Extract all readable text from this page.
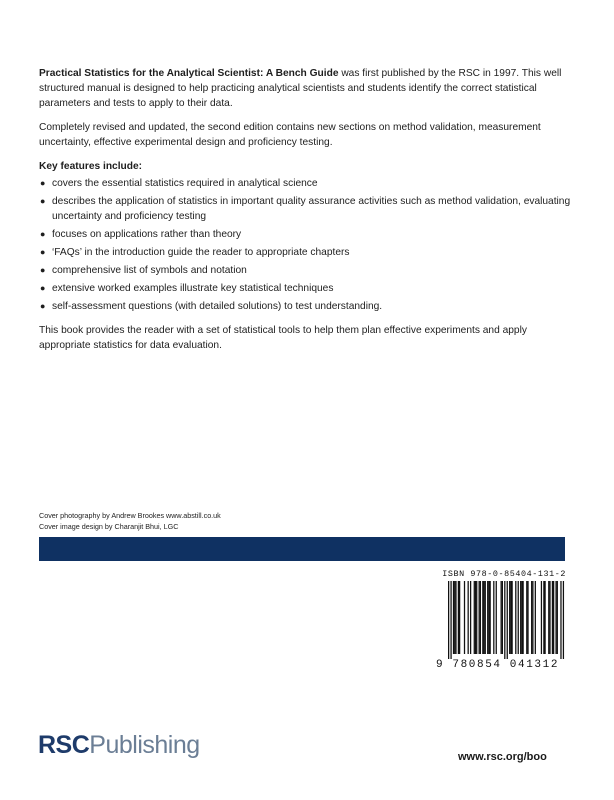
Practical Statistics for the Analytical Scientist: A Bench Guide was first published by the RSC in 1997. This well structured manual is designed to help practicing analytical scientists and students identify the correct statistical parameters and tests to apply to their data.

Completely revised and updated, the second edition contains new sections on method validation, measurement uncertainty, effective experimental design and proficiency testing.

Key features include:
● covers the essential statistics required in analytical science
● describes the application of statistics in important quality assurance activities such as method validation, evaluating uncertainty and proficiency testing
● focuses on applications rather than theory
● ‘FAQs’ in the introduction guide the reader to appropriate chapters
● comprehensive list of symbols and notation
● extensive worked examples illustrate key statistical techniques
● self-assessment questions (with detailed solutions) to test understanding.

This book provides the reader with a set of statistical tools to help them plan effective experiments and apply appropriate statistics for data evaluation.

Cover photography by Andrew Brookes www.abstill.co.uk
Cover image design by Charanjit Bhui, LGC
ISBN 978-0-85404-131-2
9 780854 041312
RSCPublishing	www.rsc.org/boo
